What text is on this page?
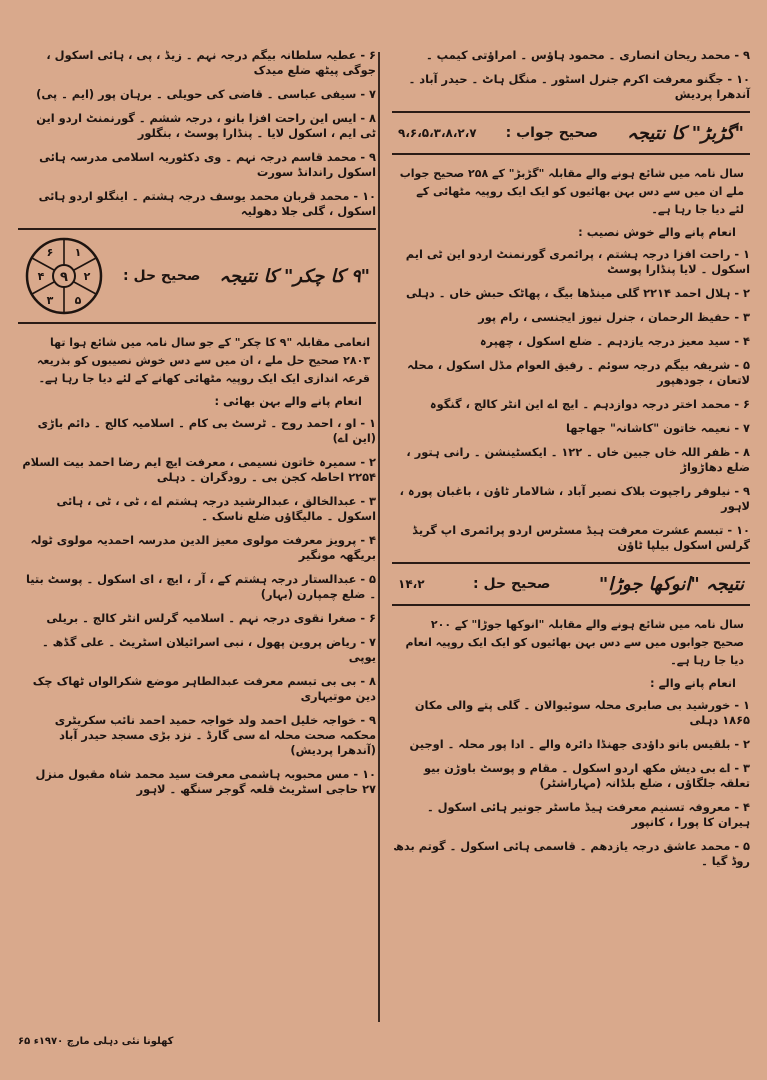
۹ - محمد ریحان انصاری ۔ محمود ہاؤس ۔ امراؤتی کیمپ ۔
۱۰ - جگنو معرفت اکرم جنرل اسٹور ۔ منگل ہاٹ ۔ حیدر آباد ۔ آندھرا پردیش
"گڑبڑ" کا نتیجہ
صحیح جواب :
۹،۶،۵،۳،۸،۲،۷

سال نامہ میں شائع ہونے والے مقابلہ "گڑبڑ" کے ۲۵۸ صحیح جواب ملے ان میں سے دس بہن بھائیوں کو ایک ایک روپیہ مٹھائی کے لئے دیا جا رہا ہے۔

انعام پانے والے خوش نصیب :
۱ - راحت افزا درجہ ہشتم ، پرائمری گورنمنٹ اردو این ٹی ایم اسکول ۔ لایا پنڈارا پوسٹ
۲ - ہلال احمد ۲۲۱۴ گلی مینڈھا بیگ ، پھاٹک حبش خاں ۔ دہلی
۳ - حفیظ الرحمان ، جنرل نیوز ایجنسی ، رام پور
۴ - سید معیز درجہ یازدہم ۔ ضلع اسکول ، چھپرہ
۵ - شریفہ بیگم درجہ سوئم ۔ رفیق العوام مڈل اسکول ، محلہ لاتعان ، جودھپور
۶ - محمد اختر درجہ دوازدہم ۔ ایچ اے این انٹر کالج ، گنگوہ
۷ - نعیمہ خاتون "کاشانہ" جھاجھا
۸ - ظفر اللہ خاں جبین خاں ۔ ۱۲۲ ۔ ایکسٹینشن ۔ رانی ہتور ، ضلع دھاڑواڑ
۹ - نیلوفر راجپوت بلاک نصیر آباد ، شالامار ٹاؤن ، باغبان پورہ ، لاہور
۱۰ - تبسم عشرت معرفت ہیڈ مسٹرس اردو پرائمری اپ گریڈ گرلس اسکول بیلپا ٹاؤن
نتیجہ "انوکھا جوڑا"
صحیح حل :
۱۴،۲

سال نامہ میں شائع ہونے والے مقابلہ "انوکھا جوڑا" کے ۲۰۰ صحیح جوابوں میں سے دس بہن بھائیوں کو ایک ایک روپیہ انعام دیا جا رہا ہے۔

انعام پانے والے :
۱ - خورشید بی صابری محلہ سوئیوالان ۔ گلی پتے والی مکان ۱۸۶۵ دہلی
۲ - بلقیس بانو داؤدی جھنڈا دائرہ والے ۔ ادا پور محلہ ۔ اوجین
۳ - اے بی دیش مکھ اردو اسکول ۔ مقام و پوسٹ باوڑن بیو تعلقہ جلگاؤں ، ضلع بلڈانہ (مہاراشٹر)
۴ - معروفہ تسنیم معرفت ہیڈ ماسٹر جونیر ہائی اسکول ۔ ہیران کا پورا ، کانپور
۵ - محمد عاشق درجہ یازدھم ۔ قاسمی ہائی اسکول ۔ گوتم بدھ روڈ گیا ۔
۶ - عطیہ سلطانہ بیگم درجہ نہم ۔ زیڈ ، پی ، ہائی اسکول ، جوگی پیٹھ ضلع میدک
۷ - سیفی عباسی ۔ قاضی کی حویلی ۔ برہان پور (ایم ۔ پی)
۸ - ایس این راحت افزا بانو ، درجہ ششم ۔ گورنمنٹ اردو این ٹی ایم ، اسکول لایا ۔ پنڈارا پوسٹ ، بنگلور
۹ - محمد قاسم درجہ نہم ۔ وی دکٹوریہ اسلامی مدرسہ ہائی اسکول راندانڈ سورت
۱۰ - محمد قربان محمد یوسف درجہ ہشتم ۔ اینگلو اردو ہائی اسکول ، گلی جلا دھولیہ
"۹ کا چکر" کا نتیجہ
صحیح حل :
۹
۱
۲
۵
۳
۴
۶

انعامی مقابلہ "۹ کا چکر" کے جو سال نامہ میں شائع ہوا تھا ۲۸۰۳ صحیح حل ملے ، ان میں سے دس خوش نصیبوں کو بذریعہ قرعہ اندازی ایک ایک روپیہ مٹھائی کھانے کے لئے دیا جا رہا ہے۔

انعام پانے والے بہن بھائی :
۱ - او ، احمد روح ۔ ٹرسٹ بی کام ۔ اسلامیہ کالج ۔ دائم باڑی (این اے)
۲ - سمیرہ خاتون نسیمی ، معرفت ایچ ایم رضا احمد بیت السلام ۲۲۵۴ احاطہ کجن بی ۔ رودگران ۔ دہلی
۳ - عبدالخالق ، عبدالرشید درجہ ہشتم اے ، ٹی ، ٹی ، ہائی اسکول ۔ مالیگاؤں ضلع ناسک ۔
۴ - پرویز معرفت مولوی معیز الدین مدرسہ احمدیہ مولوی ٹولہ بریگھہ مونگیر
۵ - عبدالستار درجہ ہشتم کے ، آر ، ایچ ، ای اسکول ۔ پوسٹ بتیا ۔ ضلع چمپارن (بہار)
۶ - صغرا نقوی درجہ نہم ۔ اسلامیہ گرلس انٹر کالج ۔ بریلی
۷ - ریاض پروین پھول ، نبی اسرائیلان اسٹریٹ ۔ علی گڈھ ۔ یوپی
۸ - بی بی تبسم معرفت عبدالطاہر موضع شکرالواں ٹھاک چک دین موتیہاری
۹ - خواجہ خلیل احمد ولد خواجہ حمید احمد نائب سکریٹری محکمہ صحت محلہ اے سی گارڈ ۔ نزد بڑی مسجد حیدر آباد (آندھرا پردیش)
۱۰ - مس محبوبہ ہاشمی معرفت سید محمد شاہ مقبول منزل ۲۷ حاجی اسٹریٹ قلعہ گوجر سنگھ ۔ لاہور
کھلونا نئی دہلی مارچ ۱۹۷۰ء ۶۵
